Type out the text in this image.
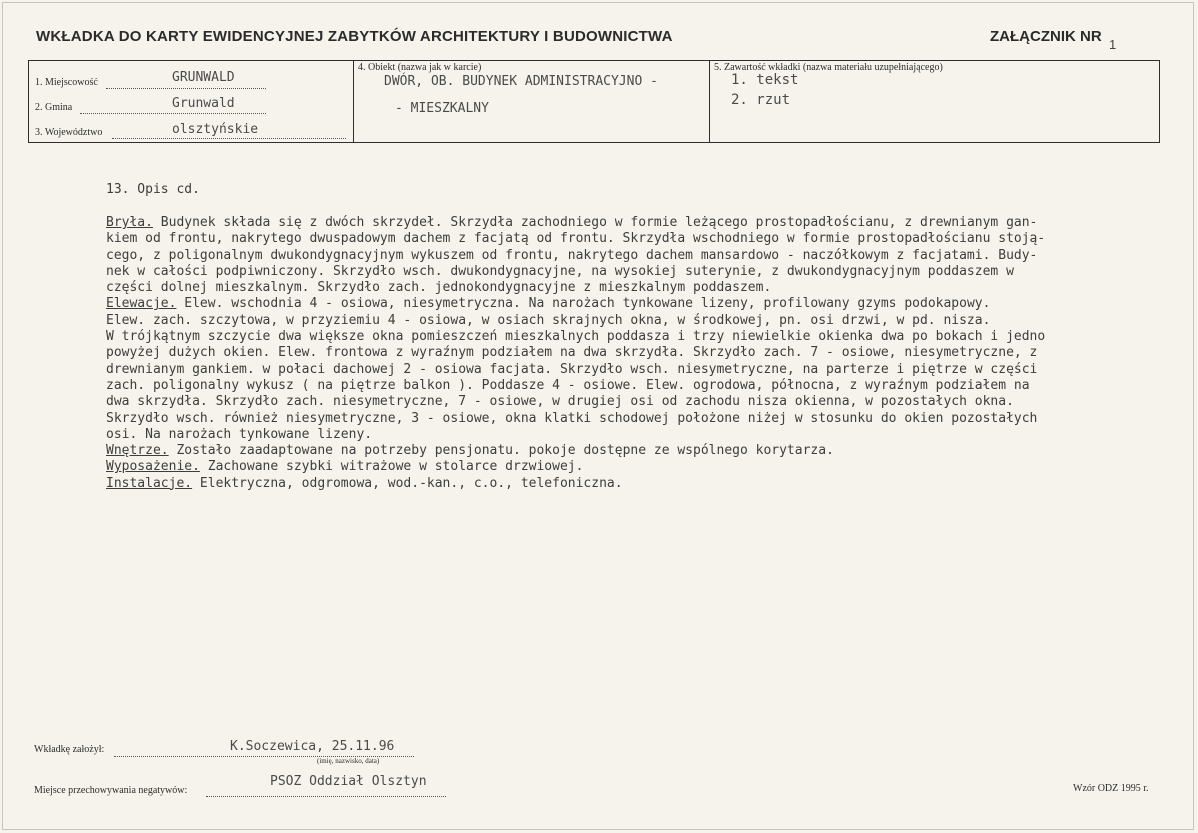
WKŁADKA DO KARTY EWIDENCYJNEJ ZABYTKÓW ARCHITEKTURY I BUDOWNICTWA	ZAŁĄCZNIK NR 1
1. Miejscowość	GRUNWALD
2. Gmina	Grunwald
3. Województwo	olsztyńskie
4. Obiekt (nazwa jak w karcie)
DWÓR, OB. BUDYNEK ADMINISTRACYJNO -
- MIESZKALNY
5. Zawartość wkładki (nazwa materiału uzupełniającego)
1. tekst
2. rzut
13. Opis cd.
Bryła. Budynek składa się z dwóch skrzydeł. Skrzydła zachodniego w formie leżącego prostopadłościanu, z drewnianym gan-
kiem od frontu, nakrytego dwuspadowym dachem z facjatą od frontu. Skrzydła wschodniego w formie prostopadłościanu stoją-
cego, z poligonalnym dwukondygnacyjnym wykuszem od frontu, nakrytego dachem mansardowo - naczółkowym z facjatami. Budy-
nek w całości podpiwniczony. Skrzydło wsch. dwukondygnacyjne, na wysokiej suterynie, z dwukondygnacyjnym poddaszem w
części dolnej mieszkalnym. Skrzydło zach. jednokondygnacyjne z mieszkalnym poddaszem.
Elewacje. Elew. wschodnia 4 - osiowa, niesymetryczna. Na narożach tynkowane lizeny, profilowany gzyms podokapowy.
Elew. zach. szczytowa, w przyziemiu 4 - osiowa, w osiach skrajnych okna, w środkowej, pn. osi drzwi, w pd. nisza.
W trójkątnym szczycie dwa większe okna pomieszczeń mieszkalnych poddasza i trzy niewielkie okienka dwa po bokach i jedno
powyżej dużych okien. Elew. frontowa z wyraźnym podziałem na dwa skrzydła. Skrzydło zach. 7 - osiowe, niesymetryczne, z
drewnianym gankiem. w połaci dachowej 2 - osiowa facjata. Skrzydło wsch. niesymetryczne, na parterze i piętrze w części
zach. poligonalny wykusz ( na piętrze balkon ). Poddasze 4 - osiowe. Elew. ogrodowa, północna, z wyraźnym podziałem na
dwa skrzydła. Skrzydło zach. niesymetryczne, 7 - osiowe, w drugiej osi od zachodu nisza okienna, w pozostałych okna.
Skrzydło wsch. również niesymetryczne, 3 - osiowe, okna klatki schodowej położone niżej w stosunku do okien pozostałych
osi. Na narożach tynkowane lizeny.
Wnętrze. Zostało zaadaptowane na potrzeby pensjonatu. pokoje dostępne ze wspólnego korytarza.
Wyposażenie. Zachowane szybki witrażowe w stolarce drzwiowej.
Instalacje. Elektryczna, odgromowa, wod.-kan., c.o., telefoniczna.
Wkładkę założył:	K.Soczewica, 25.11.96
(imię, nazwisko, data)
Miejsce przechowywania negatywów:
PSOZ Oddział Olsztyn	Wzór ODZ 1995 r.
